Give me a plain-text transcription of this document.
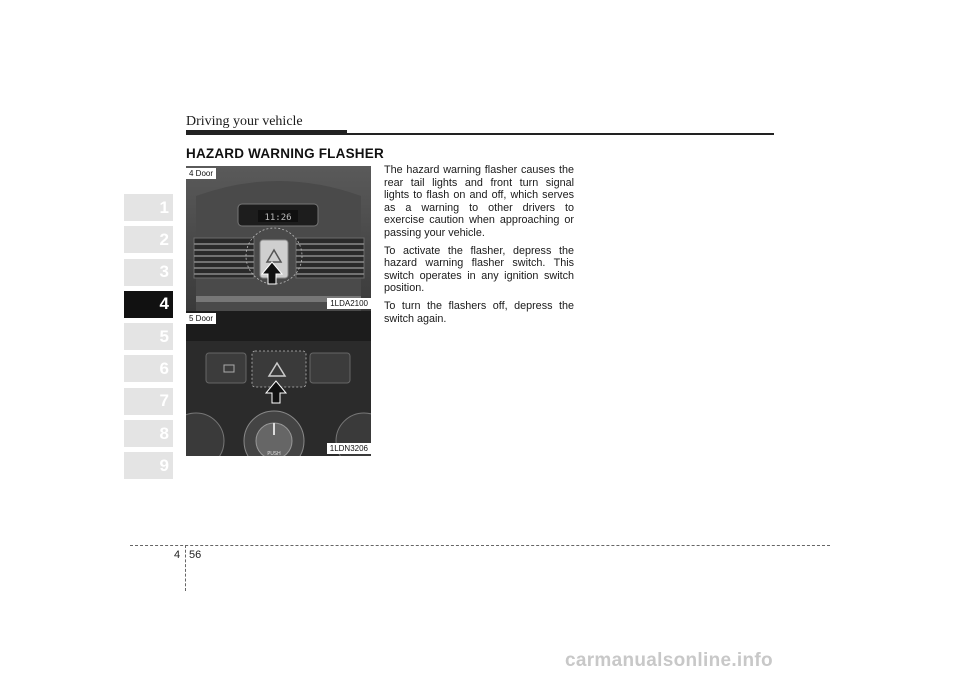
Driving your vehicle
1
2
3
4
5
6
7
8
9
HAZARD WARNING FLASHER
11:26
4 Door
1LDA2100
PUSH
5 Door
1LDN3206

The hazard warning flasher causes the rear tail lights and front turn signal lights to flash on and off, which serves as a warning to other drivers to exercise caution when approaching or passing your vehicle.

To activate the flasher, depress the hazard warning flasher switch. This switch operates in any ignition switch position.

To turn the flashers off, depress the switch again.

4 56
carmanualsonline.info
